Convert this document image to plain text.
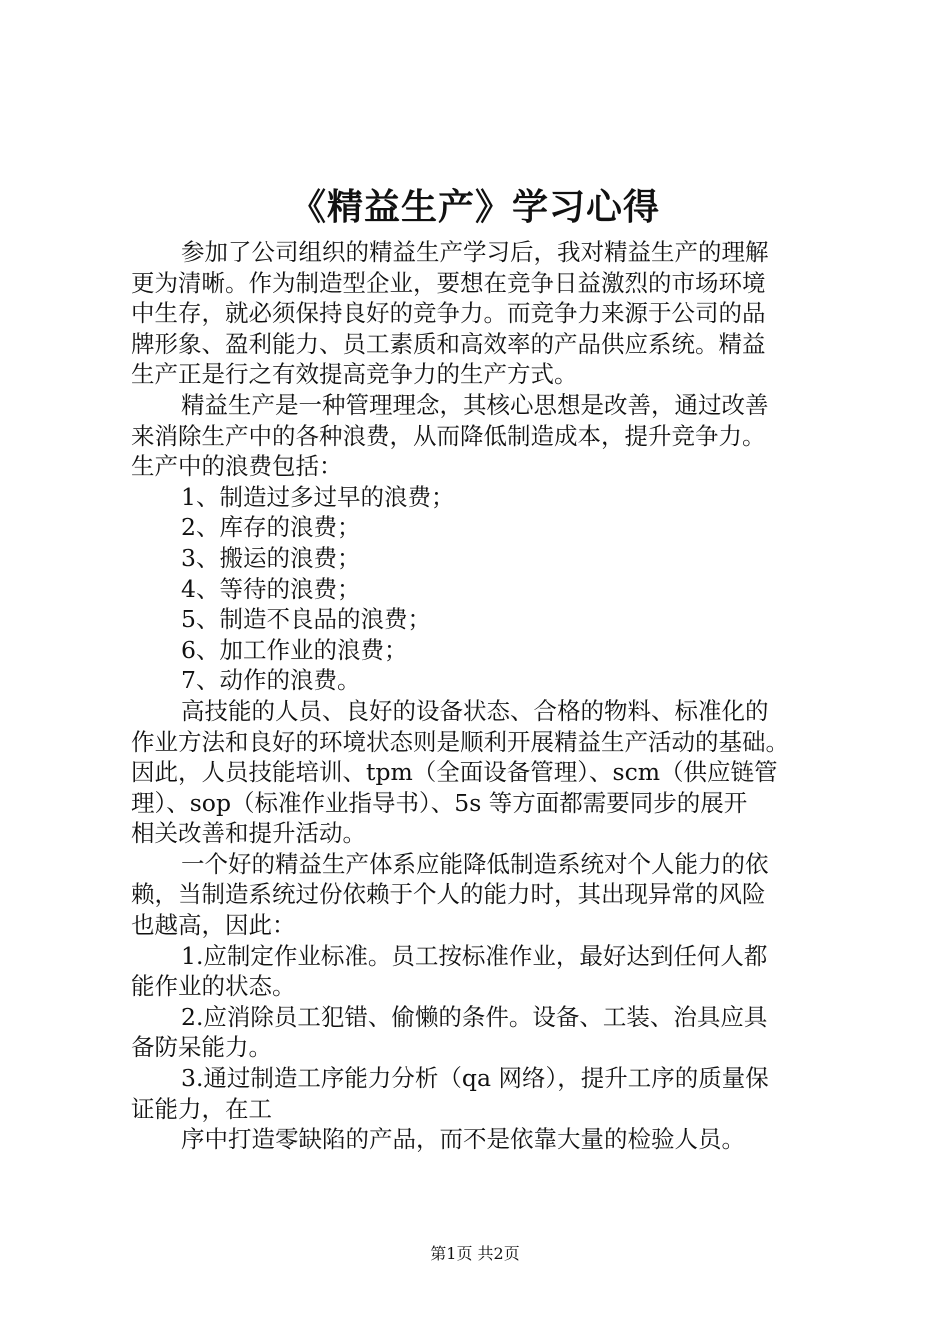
《精益生产》学习心得
参加了公司组织的精益生产学习后，我对精益生产的理解
更为清晰。作为制造型企业，要想在竞争日益激烈的市场环境
中生存，就必须保持良好的竞争力。而竞争力来源于公司的品
牌形象、盈利能力、员工素质和高效率的产品供应系统。精益
生产正是行之有效提高竞争力的生产方式。
精益生产是一种管理理念，其核心思想是改善，通过改善
来消除生产中的各种浪费，从而降低制造成本，提升竞争力。
生产中的浪费包括：
1、制造过多过早的浪费；
2、库存的浪费；
3、搬运的浪费；
4、等待的浪费；
5、制造不良品的浪费；
6、加工作业的浪费；
7、动作的浪费。
高技能的人员、良好的设备状态、合格的物料、标准化的
作业方法和良好的环境状态则是顺利开展精益生产活动的基础。
因此，人员技能培训、tpm（全面设备管理）、scm（供应链管
理）、sop（标准作业指导书）、5s 等方面都需要同步的展开
相关改善和提升活动。
一个好的精益生产体系应能降低制造系统对个人能力的依
赖，当制造系统过份依赖于个人的能力时，其出现异常的风险
也越高，因此：
1.应制定作业标准。员工按标准作业，最好达到任何人都
能作业的状态。
2.应消除员工犯错、偷懒的条件。设备、工装、治具应具
备防呆能力。
3.通过制造工序能力分析（qa 网络），提升工序的质量保
证能力，在工
序中打造零缺陷的产品，而不是依靠大量的检验人员。
第1页 共2页
